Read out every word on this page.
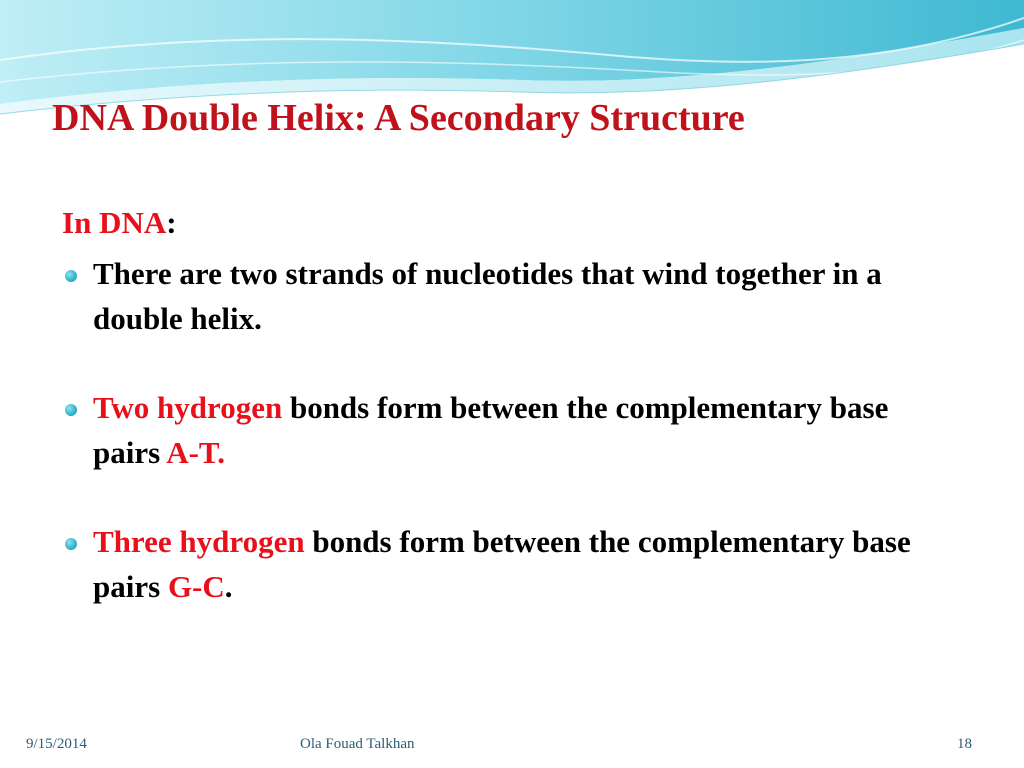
DNA Double Helix: A Secondary Structure

In DNA:

There are two strands of nucleotides that wind together in a double helix.
Two hydrogen bonds form between the complementary base pairs A-T.
Three hydrogen bonds form between the complementary base pairs G-C.
9/15/2014	Ola Fouad Talkhan	18
